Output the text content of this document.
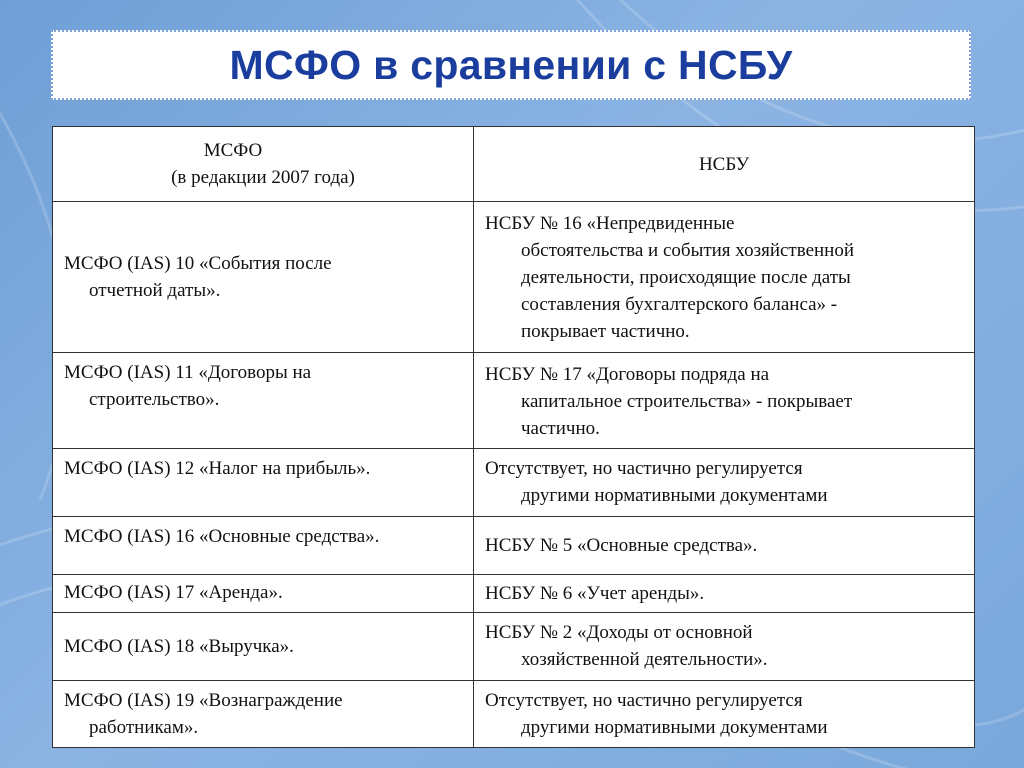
МСФО в сравнении с НСБУ
МСФО
(в редакции 2007 года)	НСБУ

МСФО (IAS) 10 «События после
отчетной даты».	НСБУ № 16 «Непредвиденные
обстоятельства и события хозяйственной
деятельности, происходящие после даты
составления бухгалтерского баланса» -
покрывает частично.

МСФО (IAS) 11 «Договоры на
строительство».	НСБУ № 17 «Договоры подряда на
капитальное строительства» - покрывает
частично.

МСФО (IAS) 12 «Налог на прибыль».	Отсутствует, но частично регулируется
другими нормативными документами

МСФО (IAS) 16 «Основные средства».	НСБУ № 5 «Основные средства».

МСФО (IAS) 17 «Аренда».	НСБУ № 6 «Учет аренды».

МСФО (IAS) 18 «Выручка».	НСБУ № 2 «Доходы от основной
хозяйственной деятельности».

МСФО (IAS) 19 «Вознаграждение
работникам».	Отсутствует, но частично регулируется
другими нормативными документами
